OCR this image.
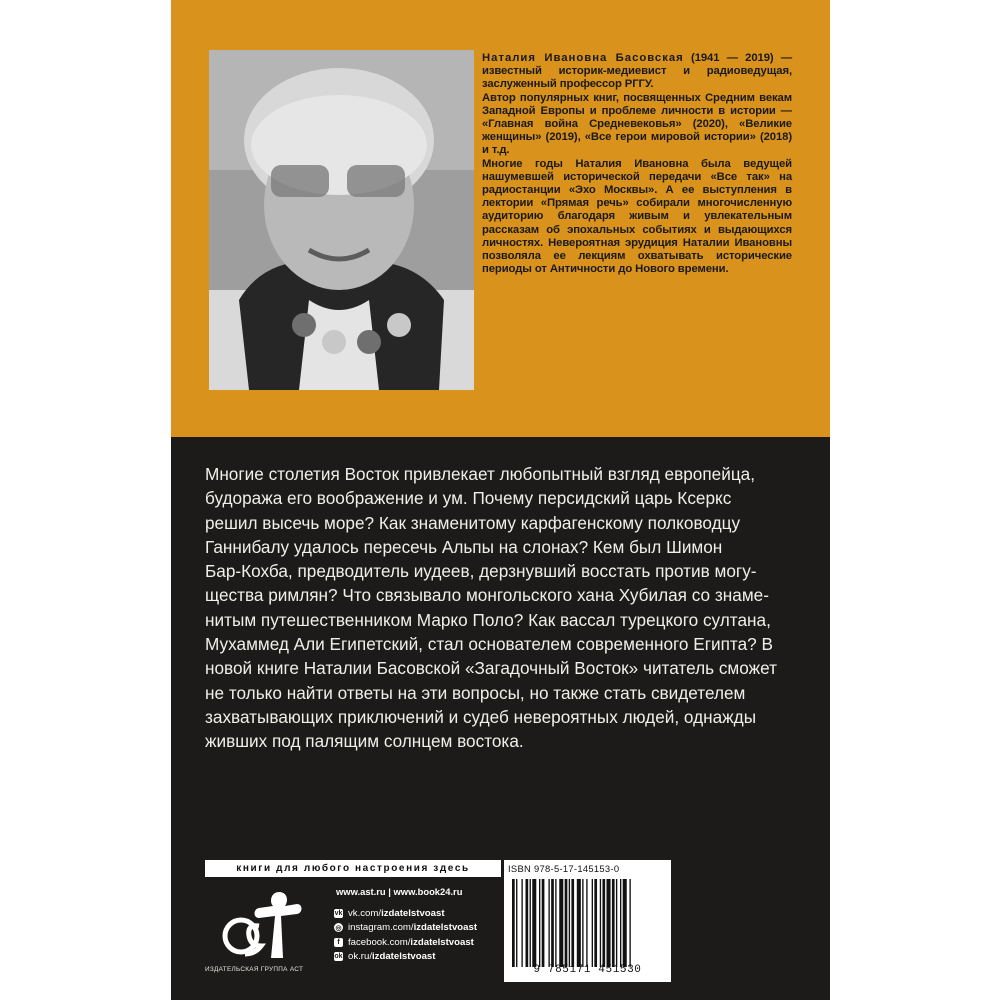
Наталия Ивановна Басовская (1941 — 2019) — известный историк-медиевист и радиоведущая, заслуженный профессор РГГУ.

Автор популярных книг, посвященных Средним векам Западной Европы и проблеме личности в истории — «Главная война Средневековья» (2020), «Великие женщины» (2019), «Все герои мировой истории» (2018) и т.д.

Многие годы Наталия Ивановна была ведущей нашумевшей исторической передачи «Все так» на радиостанции «Эхо Москвы». А ее выступления в лектории «Прямая речь» собирали многочисленную аудиторию благодаря живым и увлекательным рассказам об эпохальных событиях и выдающихся личностях. Невероятная эрудиция Наталии Ивановны позволяла ее лекциям охватывать исторические периоды от Античности до Нового времени.

Многие столетия Восток привлекает любопытный взгляд европейца,
будоража его воображение и ум. Почему персидский царь Ксеркс
решил высечь море? Как знаменитому карфагенскому полководцу
Ганнибалу удалось пересечь Альпы на слонах? Кем был Шимон
Бар-Кохба, предводитель иудеев, дерзнувший восстать против могу-
щества римлян? Что связывало монгольского хана Хубилая со знаме-
нитым путешественником Марко Поло? Как вассал турецкого султана,
Мухаммед Али Египетский, стал основателем современного Египта? В
новой книге Наталии Басовской «Загадочный Восток» читатель сможет
не только найти ответы на эти вопросы, но также стать свидетелем
захватывающих приключений и судеб невероятных людей, однажды
живших под палящим солнцем востока.
книги для любого настроения здесь
ИЗДАТЕЛЬСКАЯ ГРУППА АСТ
www.ast.ru | www.book24.ru
vk vk.com/ izdatelstvoast
◎ instagram.com/ izdatelstvoast
f facebook.com/ izdatelstvoast
ok ok.ru/ izdatelstvoast
ISBN 978-5-17-145153-0
9 785171 451530
